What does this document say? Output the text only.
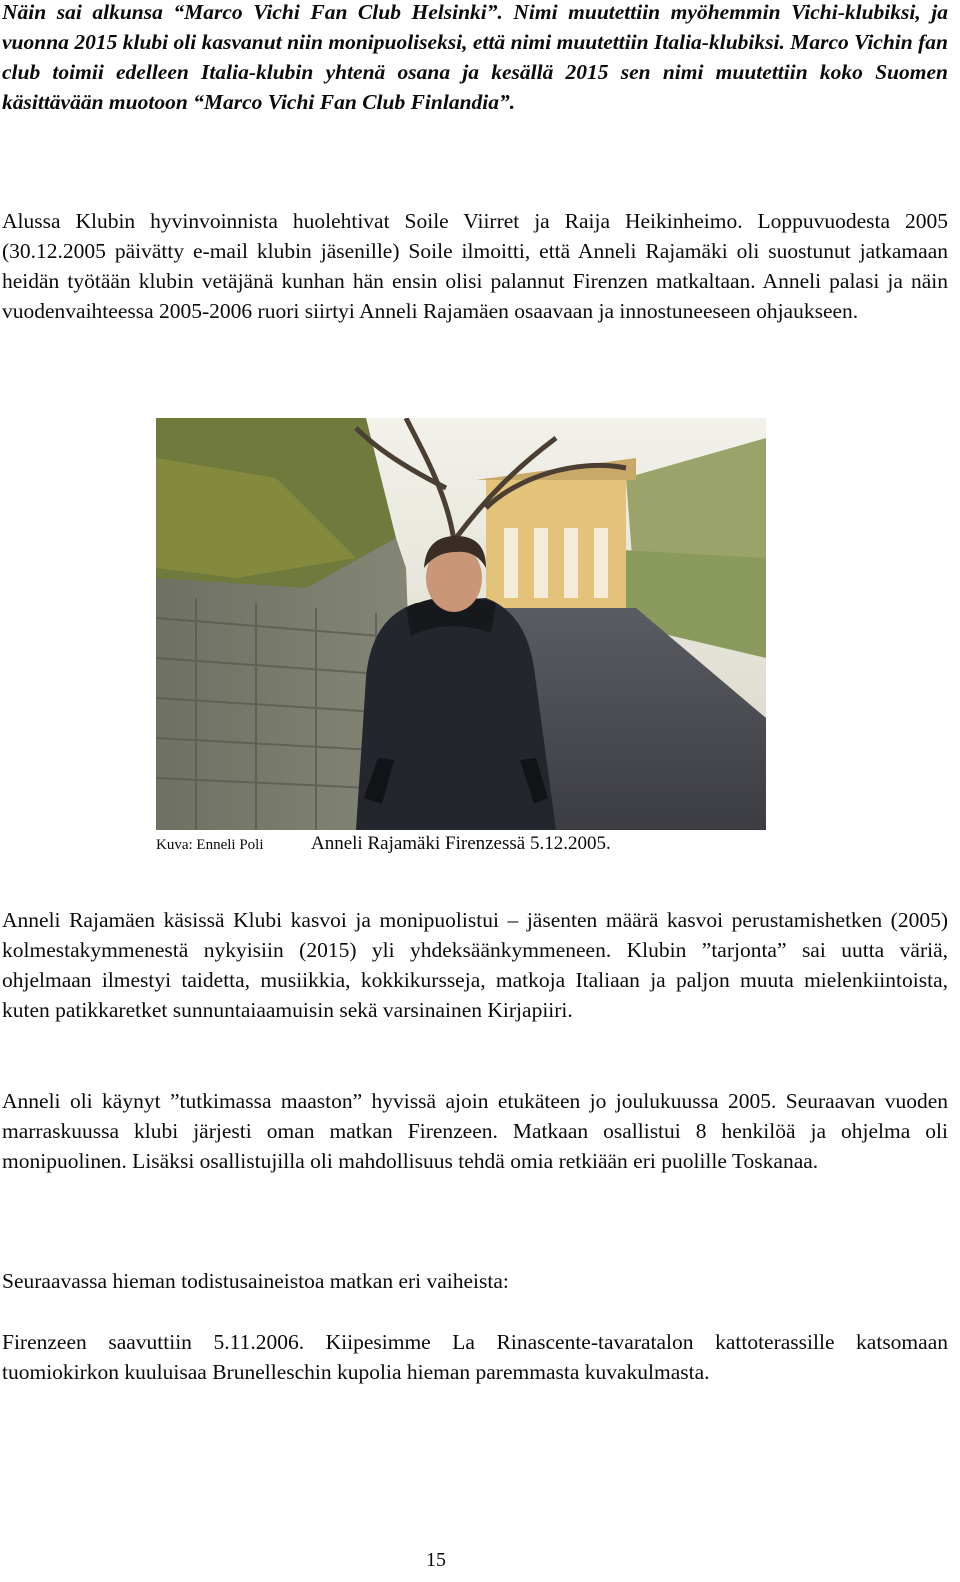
Näin sai alkunsa “Marco Vichi Fan Club Helsinki”. Nimi muutettiin myöhemmin Vichi-klubiksi, ja vuonna 2015 klubi oli kasvanut niin monipuoliseksi, että nimi muutettiin Italia-klubiksi. Marco Vichin fan club toimii edelleen Italia-klubin yhtenä osana ja kesällä 2015 sen nimi muutettiin koko Suomen käsittävään muotoon “Marco Vichi Fan Club Finlandia”.

Alussa Klubin hyvinvoinnista huolehtivat Soile Viirret ja Raija Heikinheimo. Loppuvuodesta 2005 (30.12.2005 päivätty e-mail klubin jäsenille) Soile ilmoitti, että Anneli Rajamäki oli suostunut jatkamaan heidän työtään klubin vetäjänä kunhan hän ensin olisi palannut Firenzen matkaltaan. Anneli palasi ja näin vuodenvaihteessa 2005-2006 ruori siirtyi Anneli Rajamäen osaavaan ja innostuneeseen ohjaukseen.

Kuva: Enneli Poli	Anneli Rajamäki Firenzessä 5.12.2005.

Anneli Rajamäen käsissä Klubi kasvoi ja monipuolistui – jäsenten määrä kasvoi perustamishetken (2005) kolmestakymmenestä nykyisiin (2015) yli yhdeksäänkymmeneen. Klubin ”tarjonta” sai uutta väriä, ohjelmaan ilmestyi taidetta, musiikkia, kokkikursseja, matkoja Italiaan ja paljon muuta mielenkiintoista, kuten patikkaretket sunnuntaiaamuisin sekä varsinainen Kirjapiiri.

Anneli oli käynyt ”tutkimassa maaston” hyvissä ajoin etukäteen jo joulukuussa 2005. Seuraavan vuoden marraskuussa klubi järjesti oman matkan Firenzeen. Matkaan osallistui 8 henkilöä ja ohjelma oli monipuolinen. Lisäksi osallistujilla oli mahdollisuus tehdä omia retkiään eri puolille Toskanaa.

Seuraavassa hieman todistusaineistoa matkan eri vaiheista:

Firenzeen saavuttiin 5.11.2006. Kiipesimme La Rinascente-tavaratalon kattoterassille katsomaan tuomiokirkon kuuluisaa Brunelleschin kupolia hieman paremmasta kuvakulmasta.

15
